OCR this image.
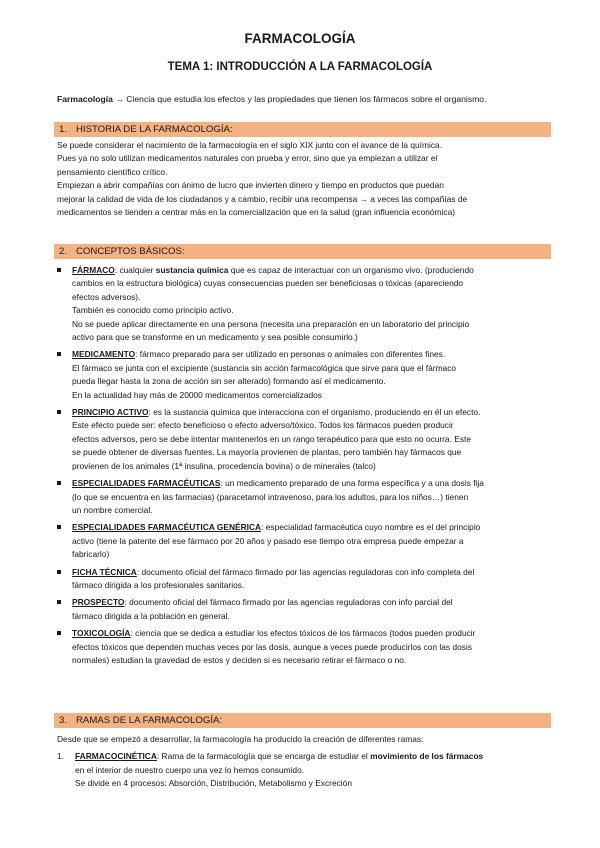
FARMACOLOGÍA
TEMA 1: INTRODUCCIÓN A LA FARMACOLOGÍA
Farmacología → Ciencia que estudia los efectos y las propiedades que tienen los fármacos sobre el organismo.
1. HISTORIA DE LA FARMACOLOGÍA:

Se puede considerar el nacimiento de la farmacología en el siglo XIX junto con el avance de la química.

Pues ya no solo utilizan medicamentos naturales con prueba y error, sino que ya empiezan a utilizar el

pensamiento científico crítico.

Empiezan a abrir compañías con ánimo de lucro que invierten dinero y tiempo en productos que puedan

mejorar la calidad de vida de los ciudadanos y a cambio, recibir una recompensa → a veces las compañías de

medicamentos se tienden a centrar más en la comercialización que en la salud (gran influencia económica)

2. CONCEPTOS BÁSICOS:
FÁRMACO: cualquier sustancia química que es capaz de interactuar con un organismo vivo. (produciendo
cambios en la estructura biológica) cuyas consecuencias pueden ser beneficiosas o tóxicas (apareciendo
efectos adversos).
También es conocido como principio activo.
No se puede aplicar directamente en una persona (necesita una preparación en un laboratorio del principio
activo para que se transforme en un medicamento y sea posible consumirlo.)
MEDICAMENTO: fármaco preparado para ser utilizado en personas o animales con diferentes fines.
El fármaco se junta con el excipiente (sustancia sin acción farmacológica que sirve para que el fármaco
pueda llegar hasta la zona de acción sin ser alterado) formando así el medicamento.
En la actualidad hay más de 20000 medicamentos comercializados
PRINCIPIO ACTIVO: es la sustancia química que interacciona con el organismo, produciendo en él un efecto.
Este efecto puede ser: efecto beneficioso o efecto adverso/tóxico. Todos los fármacos pueden producir
efectos adversos, pero se debe intentar mantenerlos en un rango terapéutico para que esto no ocurra. Este
se puede obtener de diversas fuentes. La mayoría provienen de plantas, pero también hay fármacos que
provienen de los animales (1ª insulina, procedencia bovina) o de minerales (talco)
ESPECIALIDADES FARMACÉUTICAS: un medicamento preparado de una forma específica y a una dosis fija
(lo que se encuentra en las farmacias) (paracetamol intravenoso, para los adultos, para los niños…) tienen
un nombre comercial.
ESPECIALIDADES FARMACÉUTICA GENÉRICA: especialidad farmacéutica cuyo nombre es el del principio
activo (tiene la patente del ese fármaco por 20 años y pasado ese tiempo otra empresa puede empezar a
fabricarlo)
FICHA TÉCNICA: documento oficial del fármaco firmado por las agencias reguladoras con info completa del
fármaco dirigida a los profesionales sanitarios.
PROSPECTO: documento oficial del fármaco firmado por las agencias reguladoras con info parcial del
fármaco dirigida a la población en general.
TOXICOLOGÍA: ciencia que se dedica a estudiar los efectos tóxicos de los fármacos (todos pueden producir
efectos tóxicos que dependen muchas veces por las dosis, aunque a veces puede producirlos con las dosis
normales) estudian la gravedad de estos y deciden si es necesario retirar el fármaco o no.
3. RAMAS DE LA FARMACOLOGÍA:

Desde que se empezó a desarrollar, la farmacología ha producido la creación de diferentes ramas:

1. FARMACOCINÉTICA: Rama de la farmacología que se encarga de estudiar el movimiento de los fármacos
en el interior de nuestro cuerpo una vez lo hemos consumido.
Se divide en 4 procesos: Absorción, Distribución, Metabolismo y Excreción
